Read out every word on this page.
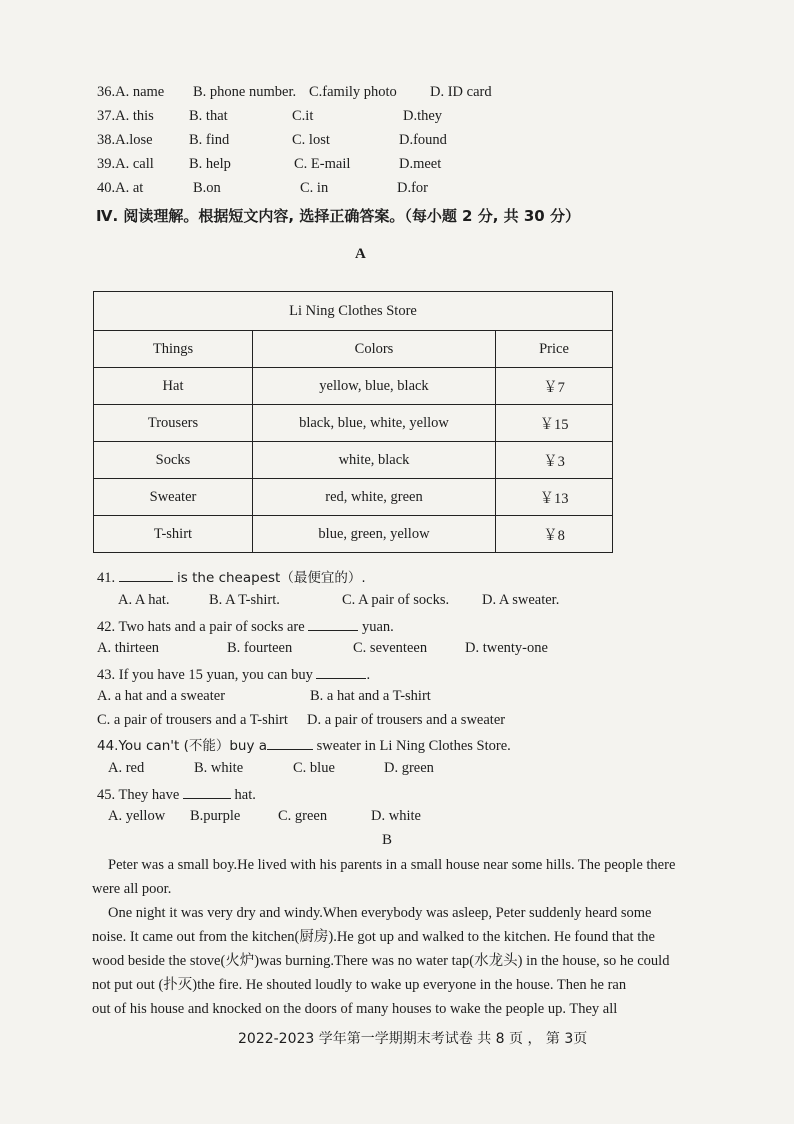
36.A. name B. phone number. C.family photo D. ID card
37.A. this B. that	C.it	D.they
38.A.lose	B. find	C. lost	D.found
39.A. call B. help	C. E-mail	D.meet
40.A. at	B.on	C. in	D.for
Ⅳ. 阅读理解。根据短文内容, 选择正确答案。（每小题 2 分, 共 30 分）
A
Li Ning Clothes Store		
Things	Colors	Price
Hat	yellow, blue, black	￥7
Trousers	black, blue, white, yellow	￥15
Socks	white, black	￥3
Sweater	red, white, green	￥13
T-shirt	blue, green, yellow	￥8
41.	is the cheapest（最便宜的）.
A. A hat.	B. A T-shirt.	C. A pair of socks. D. A sweater.
42. Two hats and a pair of socks are	yuan.
A. thirteen	B. fourteen	C. seventeen	D. twenty-one
43. If you have 15 yuan, you can buy	.
A. a hat and a sweater	B. a hat and a T-shirt
C. a pair of trousers and a T-shirt D. a pair of trousers and a sweater
44.You can't (不能）buy a	sweater in Li Ning Clothes Store.
A. red	B. white	C. blue	D. green
45. They have	hat.
A. yellow B.purple	C. green	D. white
B
Peter was a small boy.He lived with his parents in a small house near some hills. The people there
were all poor.
One night it was very dry and windy.When everybody was asleep, Peter suddenly heard some
noise. It came out from the kitchen(厨房).He got up and walked to the kitchen. He found that the
wood beside the stove(火炉)was burning.There was no water tap(水龙头) in the house, so he could
not put out (扑灭)the fire. He shouted loudly to wake up everyone in the house. Then he ran
out of his house and knocked on the doors of many houses to wake the people up. They all
2022-2023 学年第一学期期末考试卷 共 8 页 ， 第 3页
